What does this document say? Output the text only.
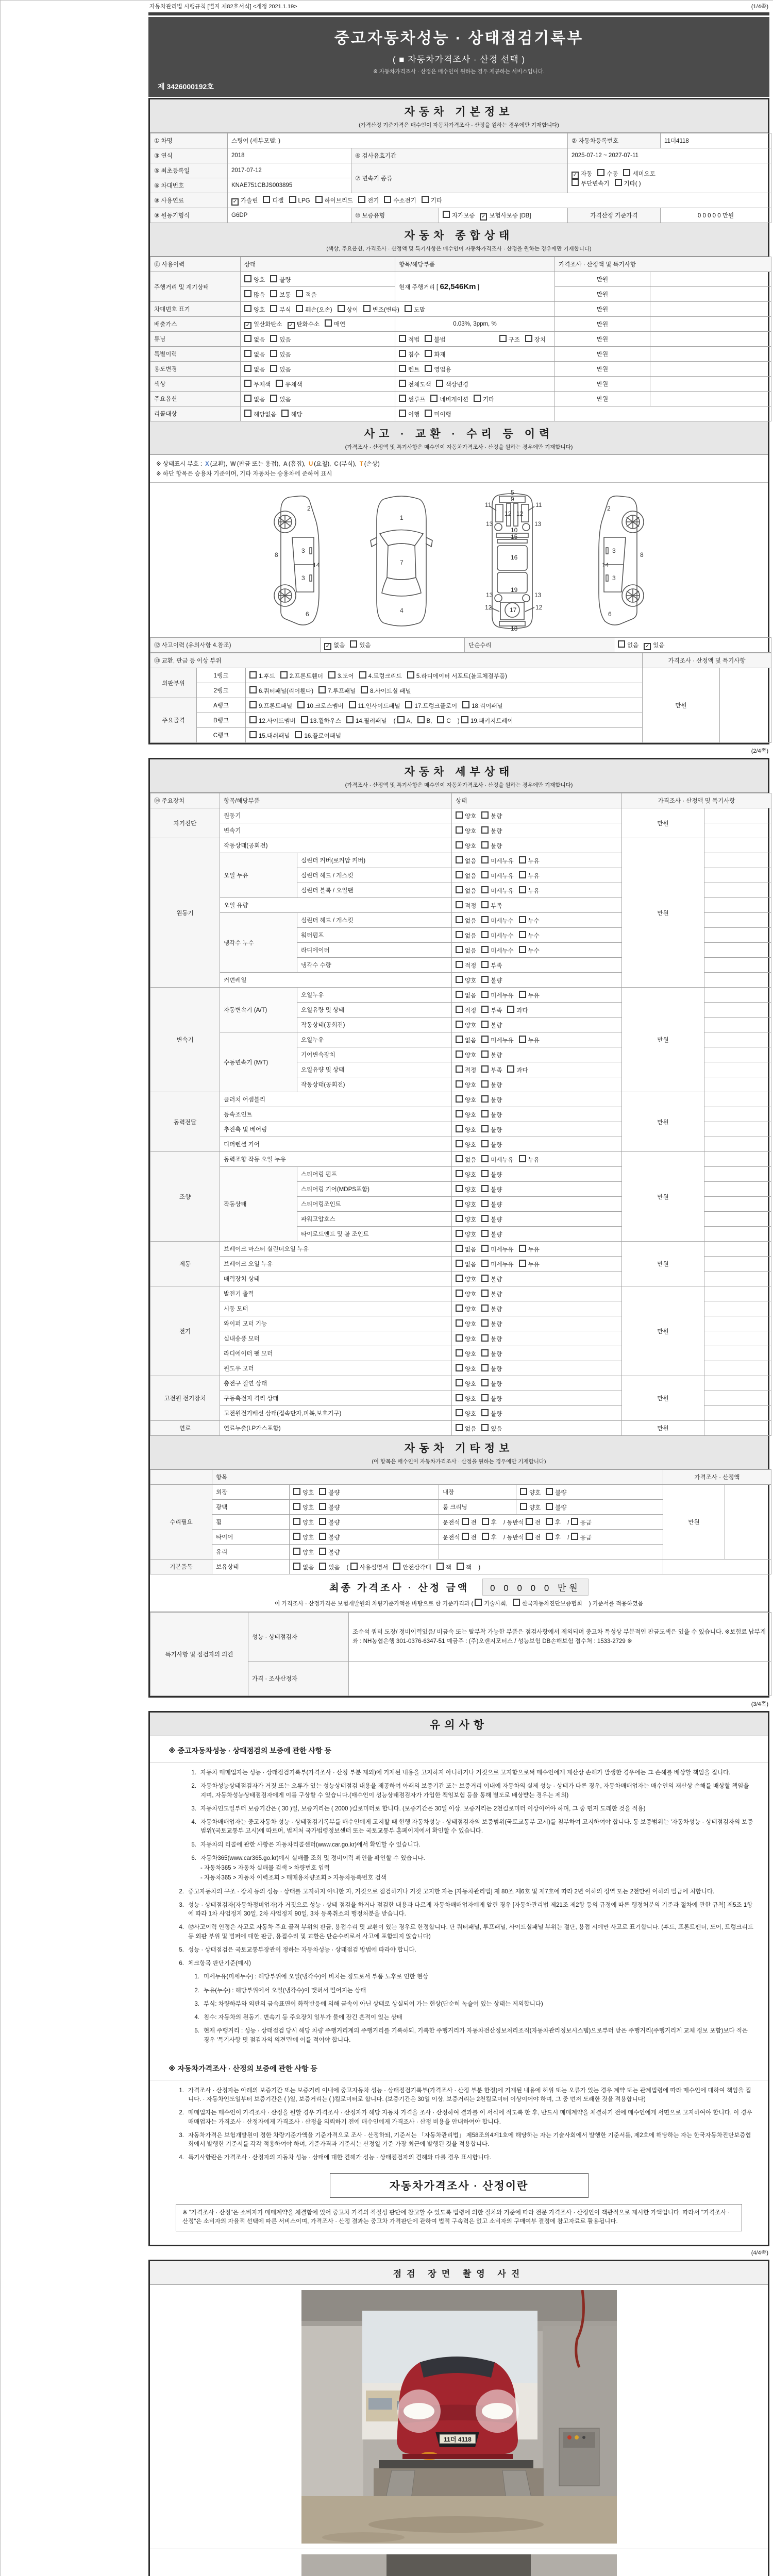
자동차관리법 시행규칙 [별지 제82호서식] <개정 2021.1.19>	(1/4쪽)
중고자동차성능 · 상태점검기록부
( ■ 자동차가격조사 · 산정 선택 )
※ 자동차가격조사 · 산정은 매수인이 원하는 경우 제공하는 서비스입니다.
제 3426000192호
자동차 기본정보
(가격산정 기준가격은 매수인이 자동차가격조사 · 산정을 원하는 경우에만 기재합니다)
① 차명	스팅어 (세부모델: )			② 자동차등록번호	11더4118
③ 연식	2018	④ 검사유효기간		2025-07-12 ~ 2027-07-11	
⑤ 최초등록일	2017-07-12	⑦ 변속기 종류		✓ 자동 수동 세미오토
무단변속기 기타( )	

⑥ 차대번호	KNAE751CBJS003895				
⑧ 사용연료	✓ 가솔린 디젤 LPG 하이브리드 전기 수소전기 기타				
⑨ 원동기형식	G6DP	⑩ 보증유형	자가보증 ✓ 보험사보증 [DB]	가격산정 기준가격	0 0 0 0 0 만원
자동차 종합상태
(색상, 주요옵션, 가격조사 · 산정액 및 특기사항은 매수인이 자동차가격조사 · 산정을 원하는 경우에만 기재합니다)
⑪ 사용이력	상태	항목/해당부품	가격조사 · 산정액 및 특기사항	
주행거리 및 계기상태	양호 불량	현재 주행거리 [ 62,546Km ]	만원	
	많음 보통 적음		만원	
차대번호 표기	양호 부식 훼손(오손) 상이 변조(변타) 도말		만원	
배출가스	✓ 일산화탄소 ✓ 탄화수소 매연	0.03%, 3ppm, %	만원	
튜닝	없음 있음	적법 불법 구조 장치	만원	
특별이력	없음 있음	침수 화재	만원	
용도변경	없음 있음	렌트 영업용	만원	
색상	무채색 유채색	전체도색 색상변경	만원	
주요옵션	없음 있음	썬루프 네비게이션 기타	만원	
리콜대상	해당없음 해당	이행 미이행		
사고 · 교환 · 수리 등 이력
(가격조사 · 산정액 및 특기사항은 매수인이 자동차가격조사 · 산정을 원하는 경우에만 기재합니다)
※ 상태표시 부호 : X (교환), W (판금 또는 용접), A (흠집), U (요철), C (부식), T (손상)
※ 하단 항목은 승용차 기준이며, 기타 자동차는 승용차에 준하여 표시
2
8
3
14
3
6
1
7
4
5
11	11
13	13
12 12
9
10
15
16
13	13
19
12	12
17
18
2
8
3
14
3
6
⑫ 사고이력 (유의사항 4.참조)	✓ 없음 있음	단순수리	없음 ✓ 있음
⑬ 교환, 판금 등 이상 부위			가격조사 · 산정액 및 특기사항	
외판부위	1랭크	1.후드 2.프론트휀더 3.도어 4.트렁크리드 5.라디에이터 서포트(볼트체결부품)	만원	
	2랭크	6.쿼터패널(리어휀다) 7.루프패널 8.사이드실 패널		
주요골격	A랭크	9.프론트패널 10.크로스멤버 11.인사이드패널 17.트렁크플로어 18.리어패널		
	B랭크	12.사이드멤버 13.휠하우스 14.필러패널 ( A, B, C ) 19.패키지트레이		
	C랭크	15.대쉬패널 16.플로어패널		
(2/4쪽)
자동차 세부상태
(가격조사 · 산정액 및 특기사항은 매수인이 자동차가격조사 · 산정을 원하는 경우에만 기재합니다)
⑭ 주요장치	항목/해당부품		상태	가격조사 · 산정액 및 특기사항	
자기진단	원동기		양호 불량	만원	
	변속기		양호 불량		
원동기	작동상태(공회전)		양호 불량	만원	
	오일 누유	실린더 커버(로커암 커버)	없음 미세누유 누유		
		실린더 헤드 / 개스킷	없음 미세누유 누유		
		실린더 블록 / 오일팬	없음 미세누유 누유		
	오일 유량		적정 부족		
	냉각수 누수	실린더 헤드 / 개스킷	없음 미세누수 누수		
		워터펌프	없음 미세누수 누수		
		라디에이터	없음 미세누수 누수		
		냉각수 수량	적정 부족		
	커먼레일		양호 불량		
변속기	자동변속기 (A/T)	오일누유	없음 미세누유 누유	만원	
		오일유량 및 상태	적정 부족 과다		
		작동상태(공회전)	양호 불량		
	수동변속기 (M/T)	오일누유	없음 미세누유 누유		
		기어변속장치	양호 불량		
		오일유량 및 상태	적정 부족 과다		
		작동상태(공회전)	양호 불량		
동력전달	클러치 어셈블리		양호 불량	만원	
	등속조인트		양호 불량		
	추진축 및 베어링		양호 불량		
	디퍼렌셜 기어		양호 불량		
조향	동력조향 작동 오일 누유		없음 미세누유 누유	만원	
	작동상태	스티어링 펌프	양호 불량		
		스티어링 기어(MDPS포함)	양호 불량		
		스티어링조인트	양호 불량		
		파워고압호스	양호 불량		
		타이로드엔드 및 볼 조인트	양호 불량		
제동	브레이크 마스터 실린더오일 누유		없음 미세누유 누유	만원	
	브레이크 오일 누유		없음 미세누유 누유		
	배력장치 상태		양호 불량		
전기	발전기 출력		양호 불량	만원	
	시동 모터		양호 불량		
	와이퍼 모터 기능		양호 불량		
	실내송풍 모터		양호 불량		
	라디에이터 팬 모터		양호 불량		
	윈도우 모터		양호 불량		
고전원 전기장치	충전구 절연 상태		양호 불량	만원	
	구동축전지 격리 상태		양호 불량		
	고전원전기배선 상태(접속단자,피복,보호기구)		양호 불량		
연료	연료누출(LP가스포함)		없음 있음	만원	
자동차 기타정보
(이 항목은 매수인이 자동차가격조사 · 산정을 원하는 경우에만 기재합니다)
	항목				가격조사 · 산정액	
수리필요	외장	양호 불량	내장	양호 불량	만원	
	광택	양호 불량	룸 크리닝	양호 불량		
	휠	양호 불량	운전석 전 후 / 동반석 전 후 / 응급			
	타이어	양호 불량	운전석 전 후 / 동반석 전 후 / 응급			
	유리	양호 불량				
기본품목	보유상태	없음 있음 ( 사용설명서 안전삼각대 잭 잭 )				
최종 가격조사 · 산정 금액	0 0 0 0 0 만원
이 가격조사 · 산정가격은 보험개발원의 차량기준가액을 바탕으로 한 기준가격과 ( 기술사회,	한국자동차진단보증협회 ) 기준서를 적용하였음
특기사항 및 점검자의 의견	성능 · 상태점검자	조수석 쿼터 도장/ 정비이력있음/ 비금속 또는 탈부착 가능한 부품은 점검사항에서 제외되며 중고차 특성상 부분적인 판금도색은 있을 수 있습니다. ※보험료 납부계좌 : NH농협은행 301-0376-6347-51 예금주 : (주)오렌지모터스 / 성능보험 DB손해보험 접수처 : 1533-2729 ※
	가격 · 조사산정자	
(3/4쪽)
유의사항
※ 중고자동차성능 · 상태점검의 보증에 관한 사항 등
1. 자동차 매매업자는 성능 · 상태점검기록부(가격조사 · 산정 부분 제외)에 기재된 내용을 고지하지 아니하거나 거짓으로 고지함으로써 매수인에게 재산상 손해가 발생한 경우에는 그 손해를 배상할 책임을 집니다.
2. 자동차성능상태점검자가 거짓 또는 오류가 있는 성능상태점검 내용을 제공하여 아래의 보증기간 또는 보증거리 이내에 자동차의 실제 성능 · 상태가 다른 경우, 자동차매매업자는 매수인의 재산상 손해를 배상할 책임을 지며, 자동차성능상태점검자에게 이를 구상할 수 있습니다.(매수인이 성능상태점검자가 가입한 책임보험 등을 통해 별도로 배상받는 경우는 제외)
3. 자동차인도일부터 보증기간은 ( 30 )일, 보증거리는 ( 2000 )킬로미터로 합니다. (보증기간은 30일 이상, 보증거리는 2천킬로미터 이상이어야 하며, 그 중 먼저 도래한 것을 적용)
4. 자동차매매업자는 중고자동차 성능 · 상태점검기록부를 매수인에게 고지할 때 현행 자동차성능 · 상태점검자의 보증범위(국토교통부 고시)를 첨부하여 고지하여야 합니다. 동 보증범위는 '자동차성능 · 상태점검자의 보증범위'(국토교통부 고시)에 따르며, 법제처 국가법령정보센터 또는 국토교통부 홈페이지에서 확인할 수 있습니다.
5. 자동차의 리콜에 관한 사항은 자동차리콜센터(www.car.go.kr)에서 확인할 수 있습니다.
6. 자동차365(www.car365.go.kr)에서 실매물 조회 및 정비이력 확인을 확인할 수 있습니다.
- 자동차365 > 자동차 실매물 검색 > 차량번호 입력
- 자동차365 > 자동차 이력조회 > 매매용차량조회 > 자동차등록번호 검색
2. 중고자동차의 구조 · 장치 등의 성능 · 상태를 고지하지 아니한 자, 거짓으로 점검하거나 거짓 고지한 자는 [자동차관리법] 제 80조 제6호 및 제7호에 따라 2년 이하의 징역 또는 2천만원 이하의 벌금에 처합니다.
3. 성능 · 상태점검자(자동차정비업자)가 거짓으로 성능 · 상태 점검을 하거나 점검한 내용과 다르게 자동차매매업자에게 알린 경우 [자동차관리법 제21조 제2항 등의 규정에 따른 행정처분의 기준과 절차에 관한 규칙] 제5조 1항에 따라 1차 사업정지 30일, 2차 사업정지 90일, 3차 등록취소의 행정처분을 받습니다.
4. ⑫사고이력 인정은 사고로 자동차 주요 골격 부위의 판금, 용접수리 및 교환이 있는 경우로 한정합니다. 단 쿼터패널, 루프패널, 사이드실패널 부위는 절단, 용접 시에만 사고로 표기합니다. (후드, 프론트펜더, 도어, 트렁크리드 등 외판 부위 및 범퍼에 대한 판금, 용접수리 및 교환은 단순수리로서 사고에 포함되지 않습니다)
5. 성능 · 상태점검은 국토교통부장관이 정하는 자동차성능 · 상태점검 방법에 따라야 합니다.
6. 체크항목 판단기준(예시)
1. 미세누유(미세누수) : 해당부위에 오일(냉각수)이 비치는 정도로서 부품 노후로 인한 현상
2. 누유(누수) : 해당부위에서 오일(냉각수)이 맺혀서 떨어지는 상태
3. 부식: 차량하부와 외판의 금속표면이 화학반응에 의해 금속이 아닌 상태로 상실되어 가는 현상(단순히 녹슬어 있는 상태는 제외합니다)
4. 침수: 자동차의 원동기, 변속기 등 주요장치 일부가 물에 잠긴 흔적이 있는 상태
5. 현재 주행거리 : 성능 · 상태점검 당시 해당 차량 주행거리계의 주행거리를 기록하되, 기록한 주행거리가 자동차전산정보처리조직(자동차관리정보시스템)으로부터 받은 주행거리(주행거리계 교체 정보 포함)보다 적은 경우 '특기사항 및 점검자의 의견'란에 이를 적어야 합니다.
※ 자동차가격조사 · 산정의 보증에 관한 사항 등
1. 가격조사 · 산정자는 아래의 보증기간 또는 보증거리 이내에 중고자동차 성능 · 상태점검기록부(가격조사 · 산정 부분 한정)에 기재된 내용에 허위 또는 오류가 있는 경우 계약 또는 관계법령에 따라 매수인에 대하여 책임을 집니다. · 자동차인도일부터 보증기간은 ( )일, 보증거리는 ( )킬로미터로 합니다. (보증기간은 30일 이상, 보증거리는 2천킬로미터 이상이어야 하며, 그 중 먼저 도래한 것을 적용합니다)
2. 매매업자는 매수인이 가격조사 · 산정을 원할 경우 가격조사 · 산정자가 해당 자동차 가격을 조사 · 산정하여 결과를 이 서식에 적도록 한 후, 반드시 매매계약을 체결하기 전에 매수인에게 서면으로 고지하여야 합니다. 이 경우 매매업자는 가격조사 · 산정자에게 가격조사 · 산정을 의뢰하기 전에 매수인에게 가격조사 · 산정 비용을 안내하여야 합니다.
3. 자동차가격은 보험개발원이 정한 차량기준가액을 기준가격으로 조사 · 산정하되, 기준서는 「자동차관리법」 제58조의4제1호에 해당하는 자는 기술사회에서 발행한 기준서를, 제2호에 해당하는 자는 한국자동차진단보증협회에서 발행한 기준서를 각각 적용하여야 하며, 기준가격과 기준서는 산정일 기준 가장 최근에 발행된 것을 적용합니다.
4. 특기사항란은 가격조사 · 산정자의 자동차 성능 · 상태에 대한 견해가 성능 · 상태점검자의 견해와 다를 경우 표시합니다.
자동차가격조사 · 산정이란
※ "가격조사 · 산정"은 소비자가 매매계약을 체결함에 있어 중고차 가격의 적절성 판단에 참고할 수 있도록 법령에 의한 절차와 기준에 따라 전문 가격조사 · 산정인이 객관적으로 제시한 가액입니다. 따라서 "가격조사 · 산정"은 소비자의 자율적 선택에 따른 서비스이며, 가격조사 · 산정 결과는 중고차 가격판단에 관하여 법적 구속력은 없고 소비자의 구매여부 결정에 참고자료로 활용됩니다.
(4/4쪽)
점검 장면 촬영 사진
11더 4118
